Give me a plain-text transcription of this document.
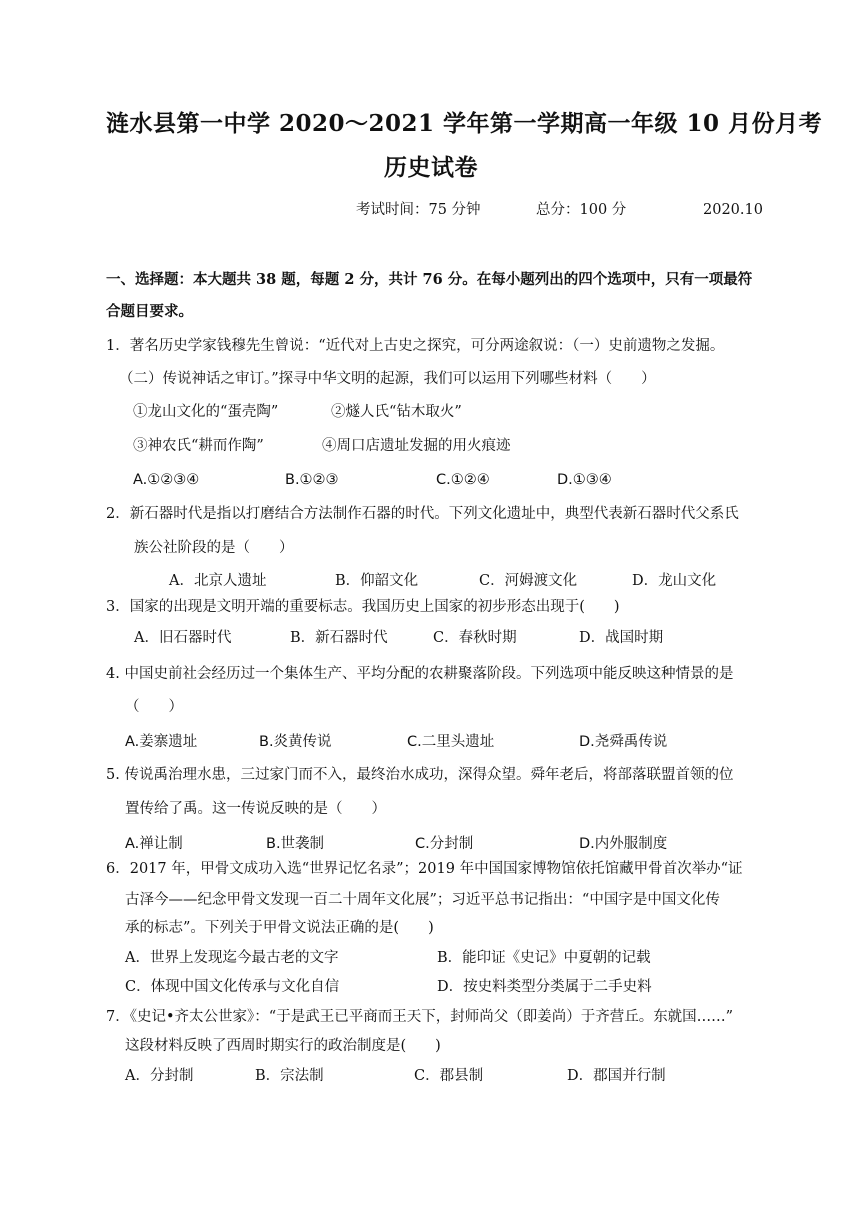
涟水县第一中学 2020～2021 学年第一学期高一年级 10 月份月考
历史试卷
考试时间：75 分钟	总分：100 分	2020.10
一、选择题：本大题共 38 题，每题 2 分，共计 76 分。在每小题列出的四个选项中，只有一项最符
合题目要求。
1．著名历史学家钱穆先生曾说：“近代对上古史之探究，可分两途叙说：（一）史前遗物之发掘。
（二）传说神话之审订。”探寻中华文明的起源，我们可以运用下列哪些材料（　　）
①龙山文化的“蛋壳陶”	②燧人氏“钻木取火”
③神农氏“耕而作陶”	④周口店遗址发掘的用火痕迹
A.①②③④	B.①②③	C.①②④	D.①③④
2．新石器时代是指以打磨结合方法制作石器的时代。下列文化遗址中，典型代表新石器时代父系氏
族公社阶段的是（　　）
A．北京人遗址	B．仰韶文化	C．河姆渡文化	D．龙山文化
3．国家的出现是文明开端的重要标志。我国历史上国家的初步形态出现于(　　)
A．旧石器时代	B．新石器时代	C．春秋时期	D．战国时期
4. 中国史前社会经历过一个集体生产、平均分配的农耕聚落阶段。下列选项中能反映这种情景的是
（　　）
A.姜寨遗址	B.炎黄传说	C.二里头遗址	D.尧舜禹传说
5. 传说禹治理水患，三过家门而不入，最终治水成功，深得众望。舜年老后，将部落联盟首领的位
置传给了禹。这一传说反映的是（　　）
A.禅让制	B.世袭制	C.分封制	D.内外服制度
6．2017 年，甲骨文成功入选“世界记忆名录”；2019 年中国国家博物馆依托馆藏甲骨首次举办“证
古泽今——纪念甲骨文发现一百二十周年文化展”；习近平总书记指出：“中国字是中国文化传
承的标志”。下列关于甲骨文说法正确的是(　　)
A．世界上发现迄今最古老的文字	B．能印证《史记》中夏朝的记载
C．体现中国文化传承与文化自信	D．按史料类型分类属于二手史料
7．《史记•齐太公世家》：“于是武王已平商而王天下，封师尚父（即姜尚）于齐营丘。东就国……”
这段材料反映了西周时期实行的政治制度是(　　)
A．分封制	B．宗法制	C．郡县制	D．郡国并行制
